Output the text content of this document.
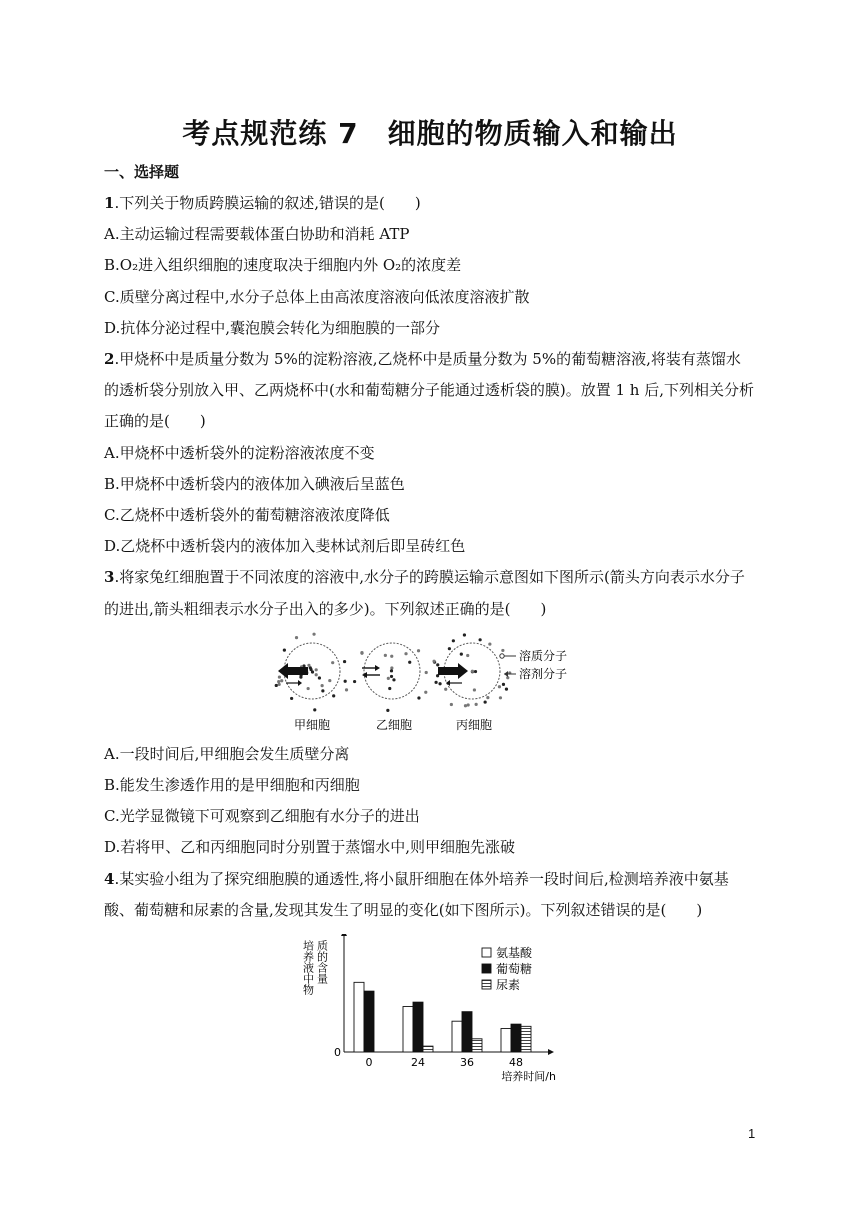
考点规范练 7　细胞的物质输入和输出
一、选择题

1.下列关于物质跨膜运输的叙述,错误的是(　　)

A.主动运输过程需要载体蛋白协助和消耗 ATP

B.O₂进入组织细胞的速度取决于细胞内外 O₂的浓度差

C.质壁分离过程中,水分子总体上由高浓度溶液向低浓度溶液扩散

D.抗体分泌过程中,囊泡膜会转化为细胞膜的一部分

2.甲烧杯中是质量分数为 5%的淀粉溶液,乙烧杯中是质量分数为 5%的葡萄糖溶液,将装有蒸馏水的透析袋分别放入甲、乙两烧杯中(水和葡萄糖分子能通过透析袋的膜)。放置 1 h 后,下列相关分析正确的是(　　)

A.甲烧杯中透析袋外的淀粉溶液浓度不变

B.甲烧杯中透析袋内的液体加入碘液后呈蓝色

C.乙烧杯中透析袋外的葡萄糖溶液浓度降低

D.乙烧杯中透析袋内的液体加入斐林试剂后即呈砖红色

3.将家兔红细胞置于不同浓度的溶液中,水分子的跨膜运输示意图如下图所示(箭头方向表示水分子的进出,箭头粗细表示水分子出入的多少)。下列叙述正确的是(　　)

溶质分子
溶剂分子
甲细胞	乙细胞	丙细胞

A.一段时间后,甲细胞会发生质壁分离

B.能发生渗透作用的是甲细胞和丙细胞

C.光学显微镜下可观察到乙细胞有水分子的进出

D.若将甲、乙和丙细胞同时分别置于蒸馏水中,则甲细胞先涨破

4.某实验小组为了探究细胞膜的通透性,将小鼠肝细胞在体外培养一段时间后,检测培养液中氨基酸、葡萄糖和尿素的含量,发现其发生了明显的变化(如下图所示)。下列叙述错误的是(　　)

0
培养液中物 质的含量
0	24	36	48
培养时间/h
氨基酸
葡萄糖
尿素
1
